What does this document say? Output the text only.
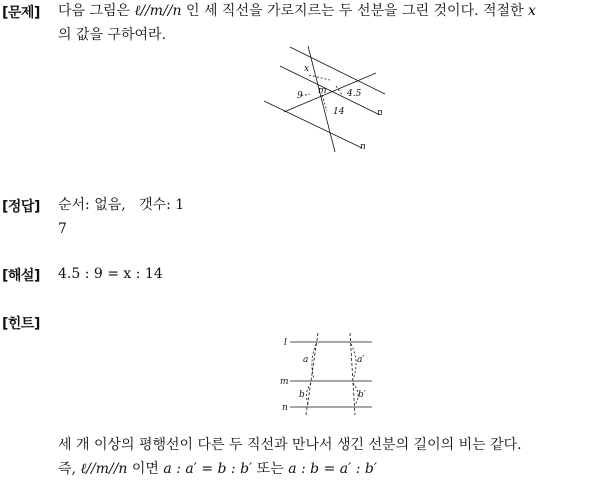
[문제] 다음 그림은 ℓ//m//n 인 세 직선을 가로지르는 두 선분을 그린 것이다. 적절한 x
의 값을 구하여라.
x
4.5
9
14
m
n
n
[정답] 순서: 없음, 갯수: 1
7
[해설] 4.5 : 9 = x : 14
[힌트]
l
m
n
a	a′
b	b′
세 개 이상의 평행선이 다른 두 직선과 만나서 생긴 선분의 길이의 비는 같다.
즉, ℓ//m//n 이면 a : a′ = b : b′ 또는 a : b = a′ : b′
